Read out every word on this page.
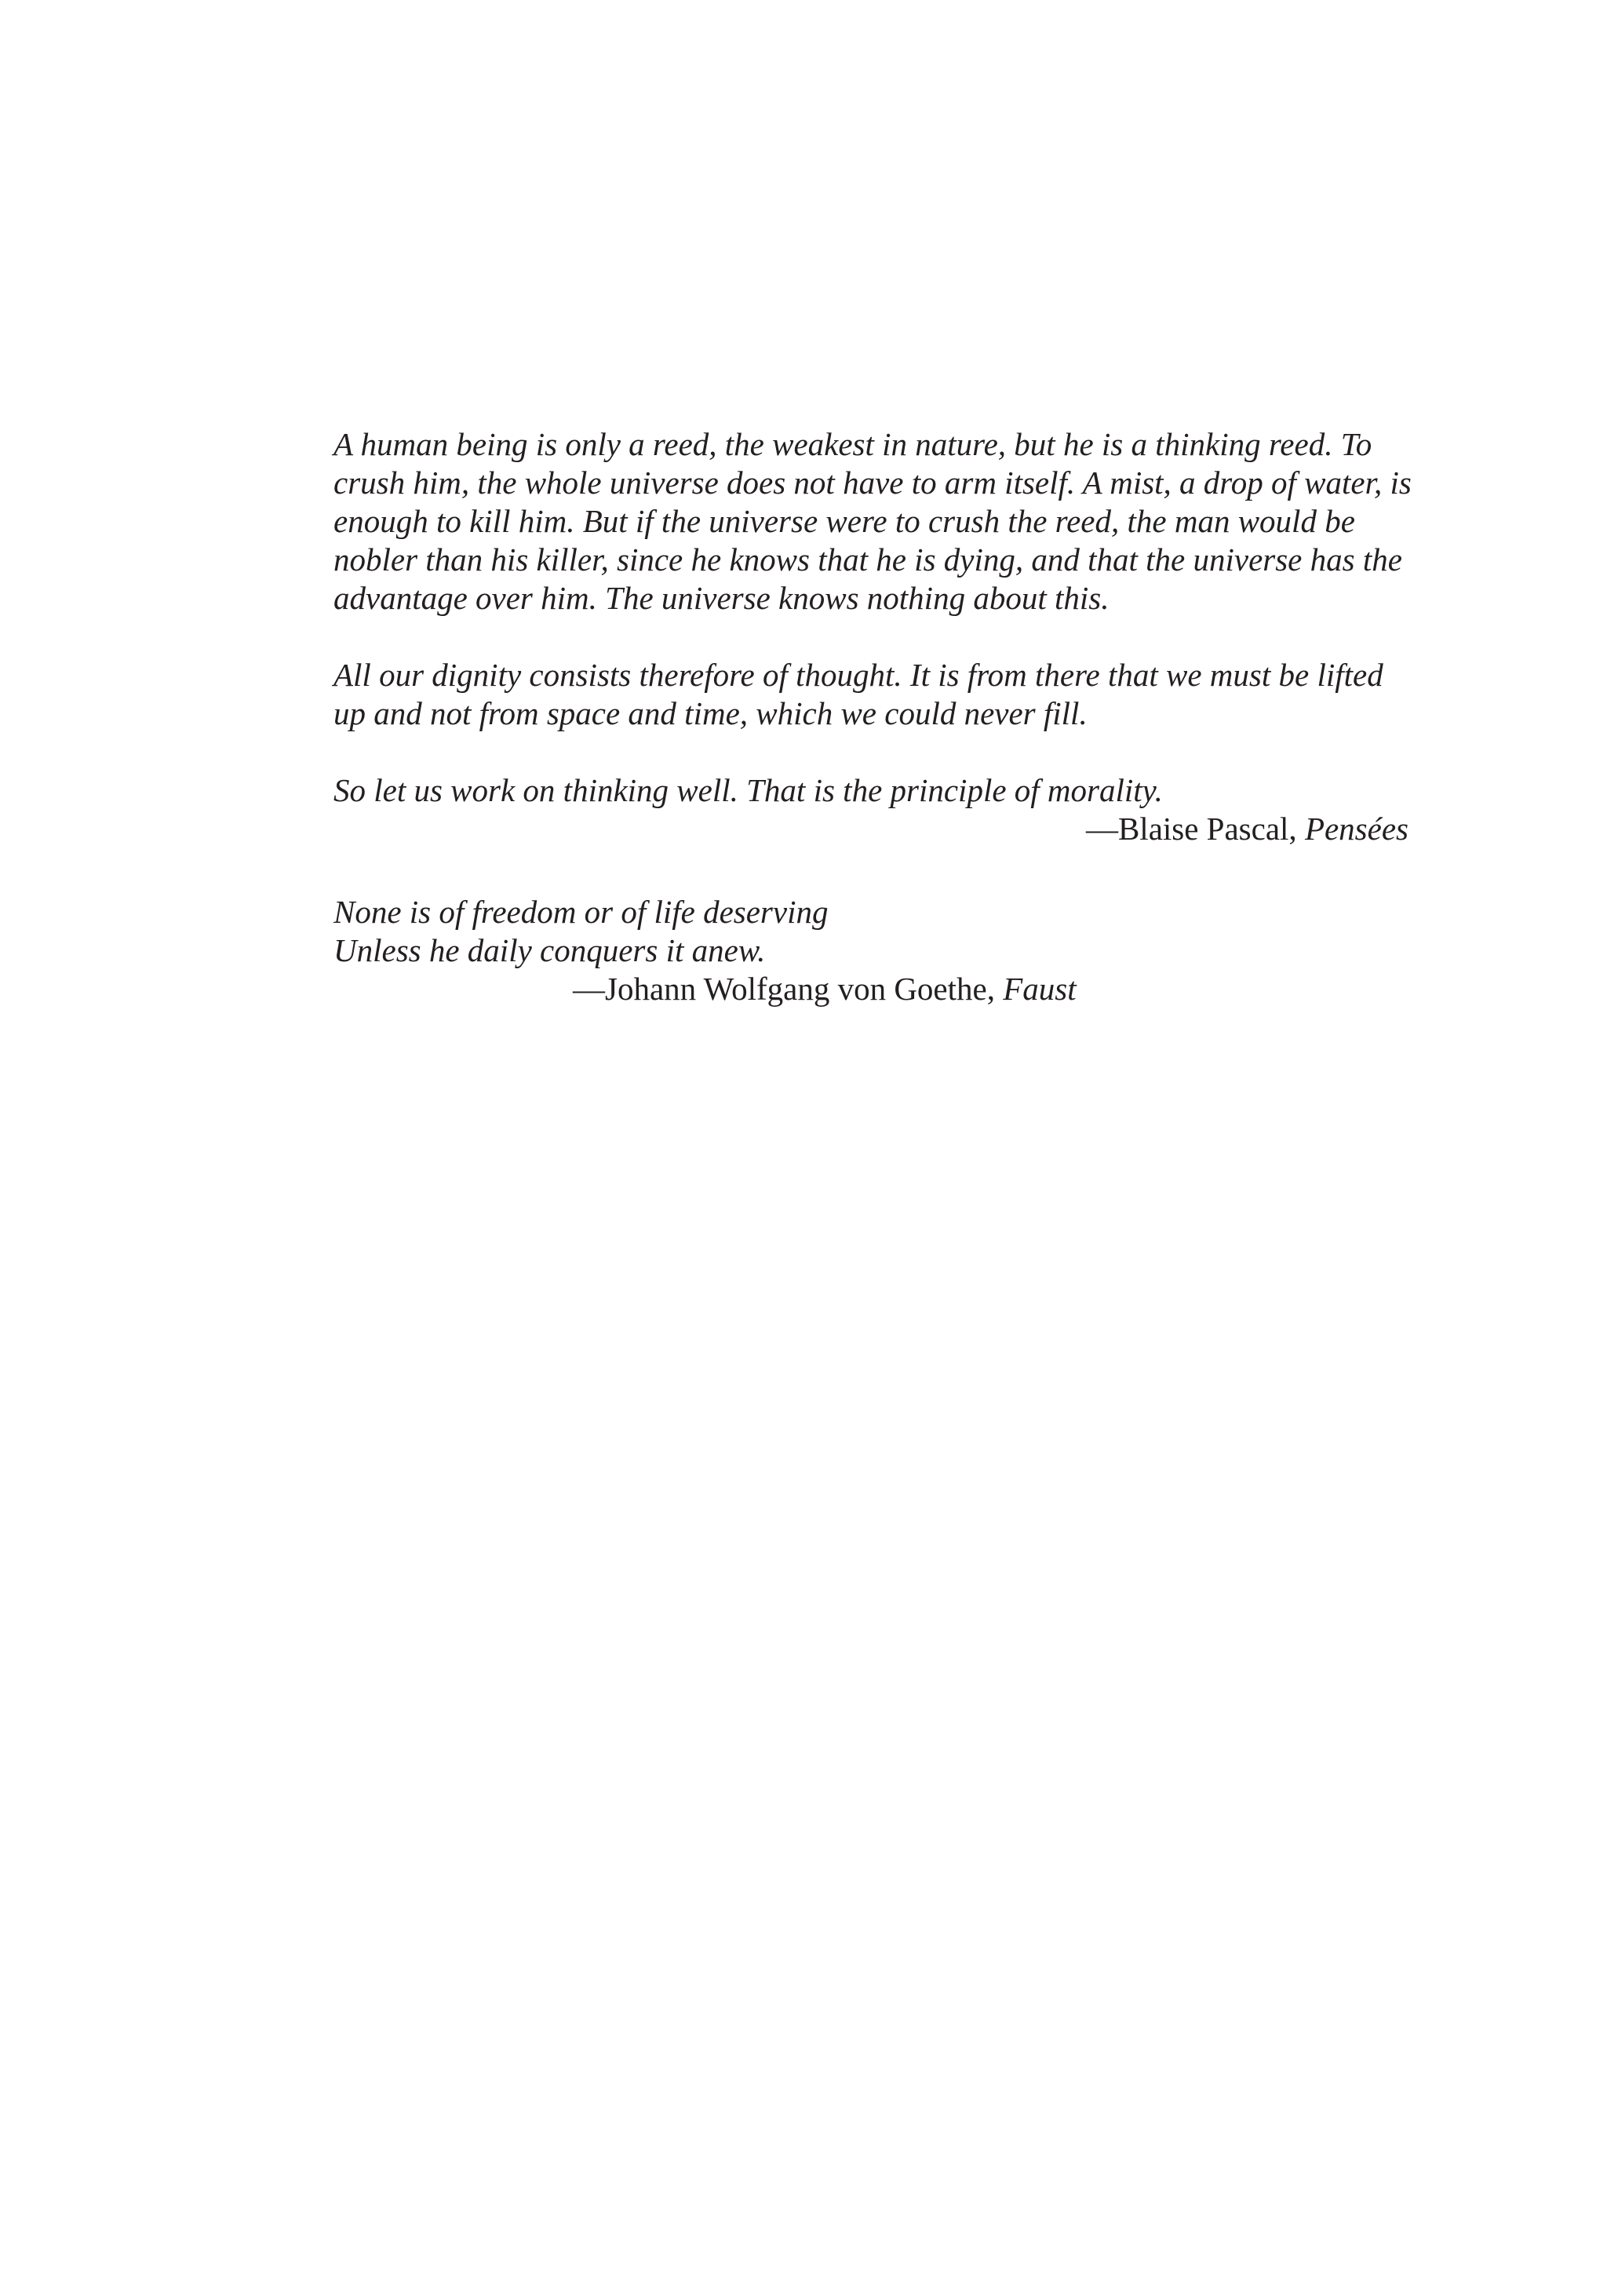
A human being is only a reed, the weakest in nature, but he is a thinking reed. To
crush him, the whole universe does not have to arm itself. A mist, a drop of water, is
enough to kill him. But if the universe were to crush the reed, the man would be
nobler than his killer, since he knows that he is dying, and that the universe has the
advantage over him. The universe knows nothing about this.
All our dignity consists therefore of thought. It is from there that we must be lifted
up and not from space and time, which we could never fill.
So let us work on thinking well. That is the principle of morality.
—Blaise Pascal, Pensées
None is of freedom or of life deserving
Unless he daily conquers it anew.
—Johann Wolfgang von Goethe, Faust
